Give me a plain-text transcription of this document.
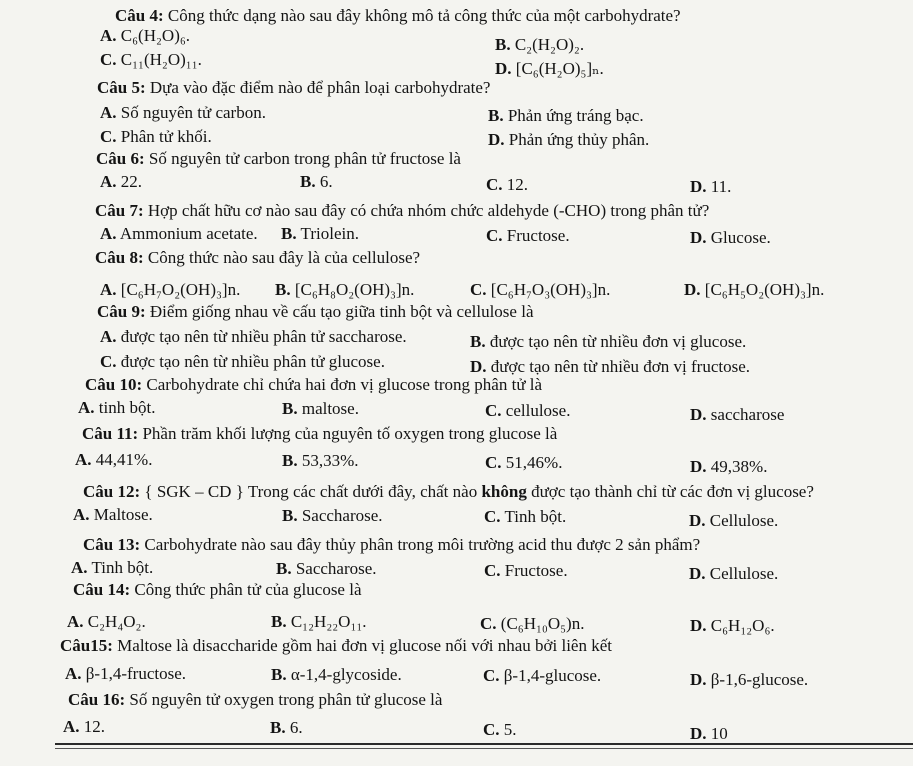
Câu 4: Công thức dạng nào sau đây không mô tả công thức của một carbohydrate?
A. C₆(H₂O)₆.	B. C₂(H₂O)₂.
C. C₁₁(H₂O)₁₁.	D. [C₆(H₂O)₅]ₙ.
Câu 5: Dựa vào đặc điểm nào để phân loại carbohydrate?
A. Số nguyên tử carbon.	B. Phản ứng tráng bạc.
C. Phân tử khối.	D. Phản ứng thủy phân.
Câu 6: Số nguyên tử carbon trong phân tử fructose là
A. 22.	B. 6.	C. 12.	D. 11.
Câu 7: Hợp chất hữu cơ nào sau đây có chứa nhóm chức aldehyde (-CHO) trong phân tử?
A. Ammonium acetate. B. Triolein.	C. Fructose.	D. Glucose.
Câu 8: Công thức nào sau đây là của cellulose?
A. [C₆H₇O₂(OH)₃]n. B. [C₆H₈O₂(OH)₃]n.	C. [C₆H₇O₃(OH)₃]n.	D. [C₆H₅O₂(OH)₃]n.
Câu 9: Điểm giống nhau về cấu tạo giữa tinh bột và cellulose là
A. được tạo nên từ nhiều phân tử saccharose.	B. được tạo nên từ nhiều đơn vị glucose.
C. được tạo nên từ nhiều phân tử glucose.	D. được tạo nên từ nhiều đơn vị fructose.
Câu 10: Carbohydrate chỉ chứa hai đơn vị glucose trong phân tử là
A. tinh bột.	B. maltose.	C. cellulose.	D. saccharose
Câu 11: Phần trăm khối lượng của nguyên tố oxygen trong glucose là
A. 44,41%.	B. 53,33%.	C. 51,46%.	D. 49,38%.
Câu 12: { SGK – CD } Trong các chất dưới đây, chất nào không được tạo thành chỉ từ các đơn vị glucose?
A. Maltose.	B. Saccharose.	C. Tinh bột.	D. Cellulose.
Câu 13: Carbohydrate nào sau đây thủy phân trong môi trường acid thu được 2 sản phẩm?
A. Tinh bột.	B. Saccharose.	C. Fructose.	D. Cellulose.
Câu 14: Công thức phân tử của glucose là
A. C₂H₄O₂.	B. C₁₂H₂₂O₁₁.	C. (C₆H₁₀O₅)n.	D. C₆H₁₂O₆.
Câu15: Maltose là disaccharide gồm hai đơn vị glucose nối với nhau bởi liên kết
A. β-1,4-fructose.	B. α-1,4-glycoside.	C. β-1,4-glucose.	D. β-1,6-glucose.
Câu 16: Số nguyên tử oxygen trong phân tử glucose là
A. 12.	B. 6.	C. 5.	D. 10
